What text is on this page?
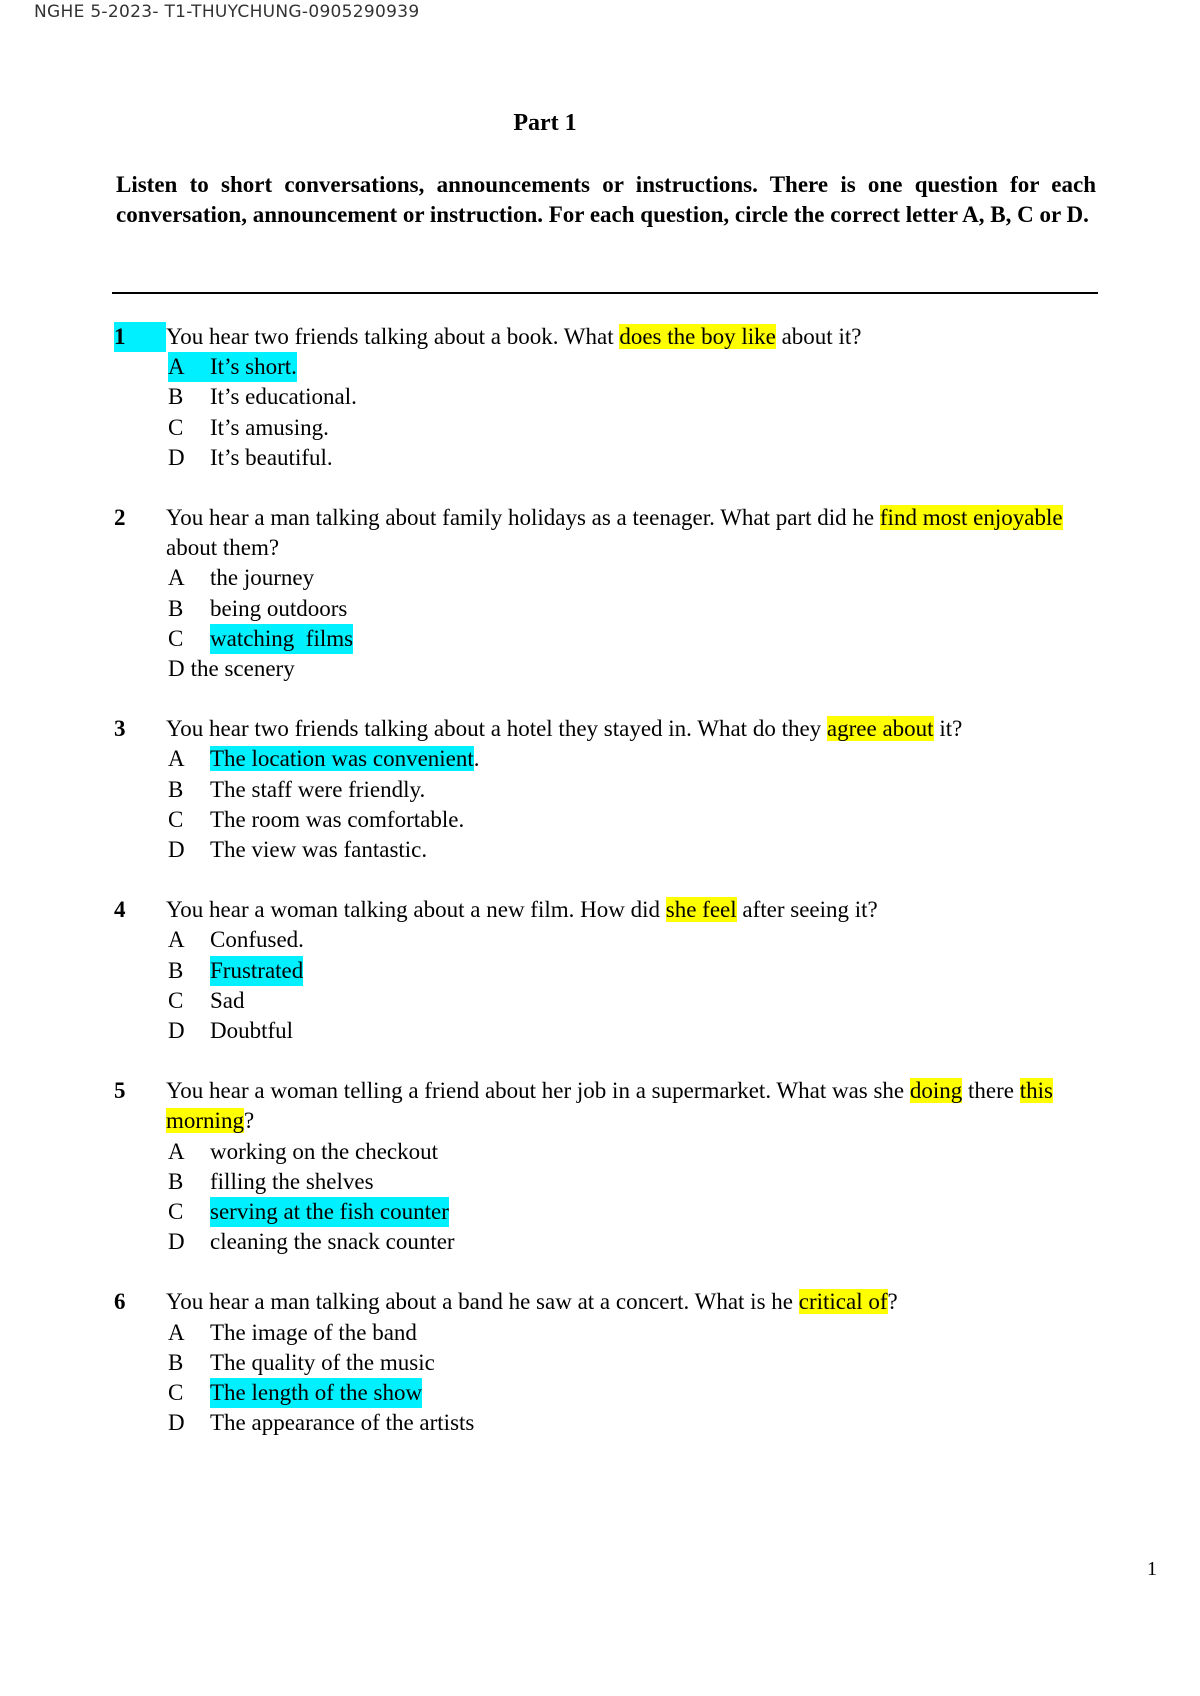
NGHE 5-2023- T1-THUYCHUNG-0905290939
Part 1
Listen to short conversations, announcements or instructions. There is one question for each conversation, announcement or instruction. For each question, circle the correct letter A, B, C or D.
1	You hear two friends talking about a book. What does the boy like about it?
A	It’s short.
B	It’s educational.
C	It’s amusing.
D	It’s beautiful.
2	You hear a man talking about family holidays as a teenager. What part did he find most enjoyable about them?
A	the journey
B	being outdoors
C	watching  films
D the scenery
3	You hear two friends talking about a hotel they stayed in. What do they agree about it?
A	The location was convenient.
B	The staff were friendly.
C	The room was comfortable.
D	The view was fantastic.
4	You hear a woman talking about a new film. How did she feel after seeing it?
A	Confused.
B	Frustrated
C	Sad
D	Doubtful
5	You hear a woman telling a friend about her job in a supermarket. What was she doing there this morning?
A	working on the checkout
B	filling the shelves
C	serving at the fish counter
D	cleaning the snack counter
6	You hear a man talking about a band he saw at a concert. What is he critical of?
A	The image of the band
B	The quality of the music
C	The length of the show
D	The appearance of the artists
1
